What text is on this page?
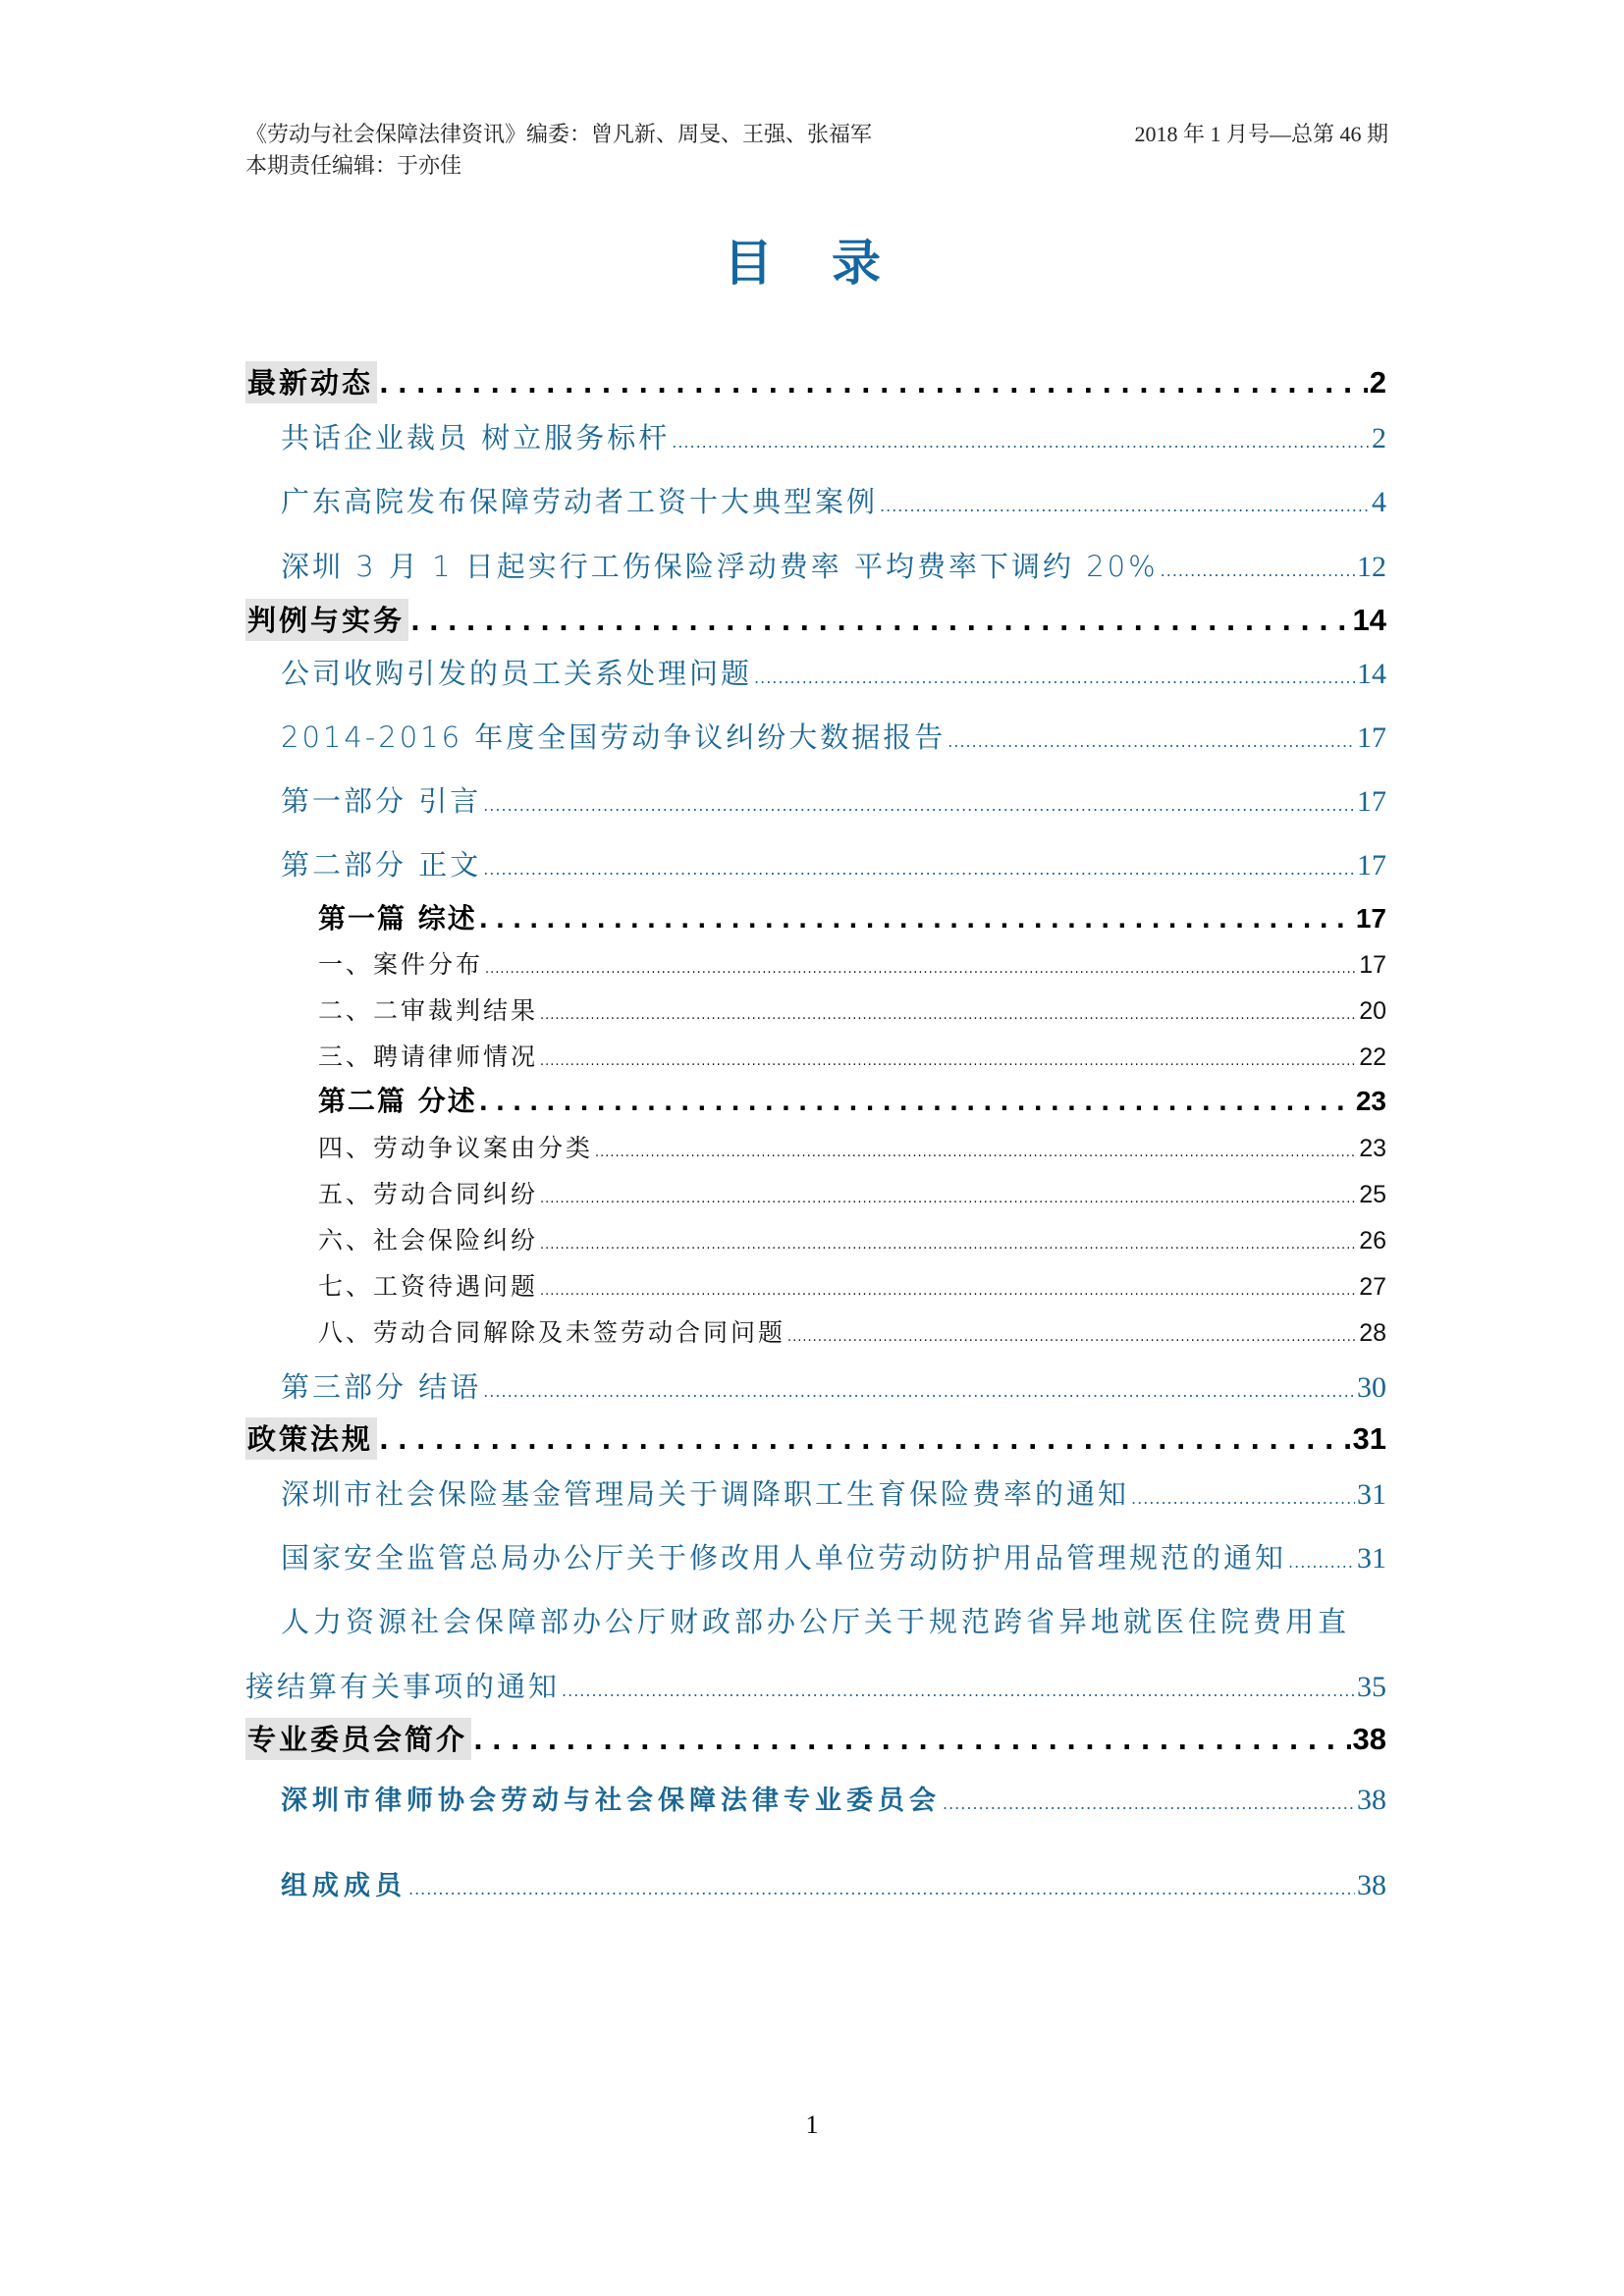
《劳动与社会保障法律资讯》编委：曾凡新、周旻、王强、张福军	2018 年 1 月号—总第 46 期
本期责任编辑：于亦佳
目录
最新动态 .....	2
共话企业裁员 树立服务标杆 .....	2
广东高院发布保障劳动者工资十大典型案例 .....	4
深圳 3 月 1 日起实行工伤保险浮动费率 平均费率下调约 20% .....	12
判例与实务 .....	14
公司收购引发的员工关系处理问题 .....	14
2014-2016 年度全国劳动争议纠纷大数据报告 .....	17
第一部分 引言 .....	17
第二部分 正文 .....	17
第一篇 综述 .....	17
一、案件分布 .....	17
二、二审裁判结果 .....	20
三、聘请律师情况 .....	22
第二篇 分述 .....	23
四、劳动争议案由分类 .....	23
五、劳动合同纠纷 .....	25
六、社会保险纠纷 .....	26
七、工资待遇问题 .....	27
八、劳动合同解除及未签劳动合同问题 .....	28
第三部分 结语 .....	30
政策法规 .....	31
深圳市社会保险基金管理局关于调降职工生育保险费率的通知 .....	31
国家安全监管总局办公厅关于修改用人单位劳动防护用品管理规范的通知 ..... 31
人力资源社会保障部办公厅财政部办公厅关于规范跨省异地就医住院费用直
接结算有关事项的通知 .....	35
专业委员会简介 .....	38
深圳市律师协会劳动与社会保障法律专业委员会 .....	38
组成成员 .....	38
1
